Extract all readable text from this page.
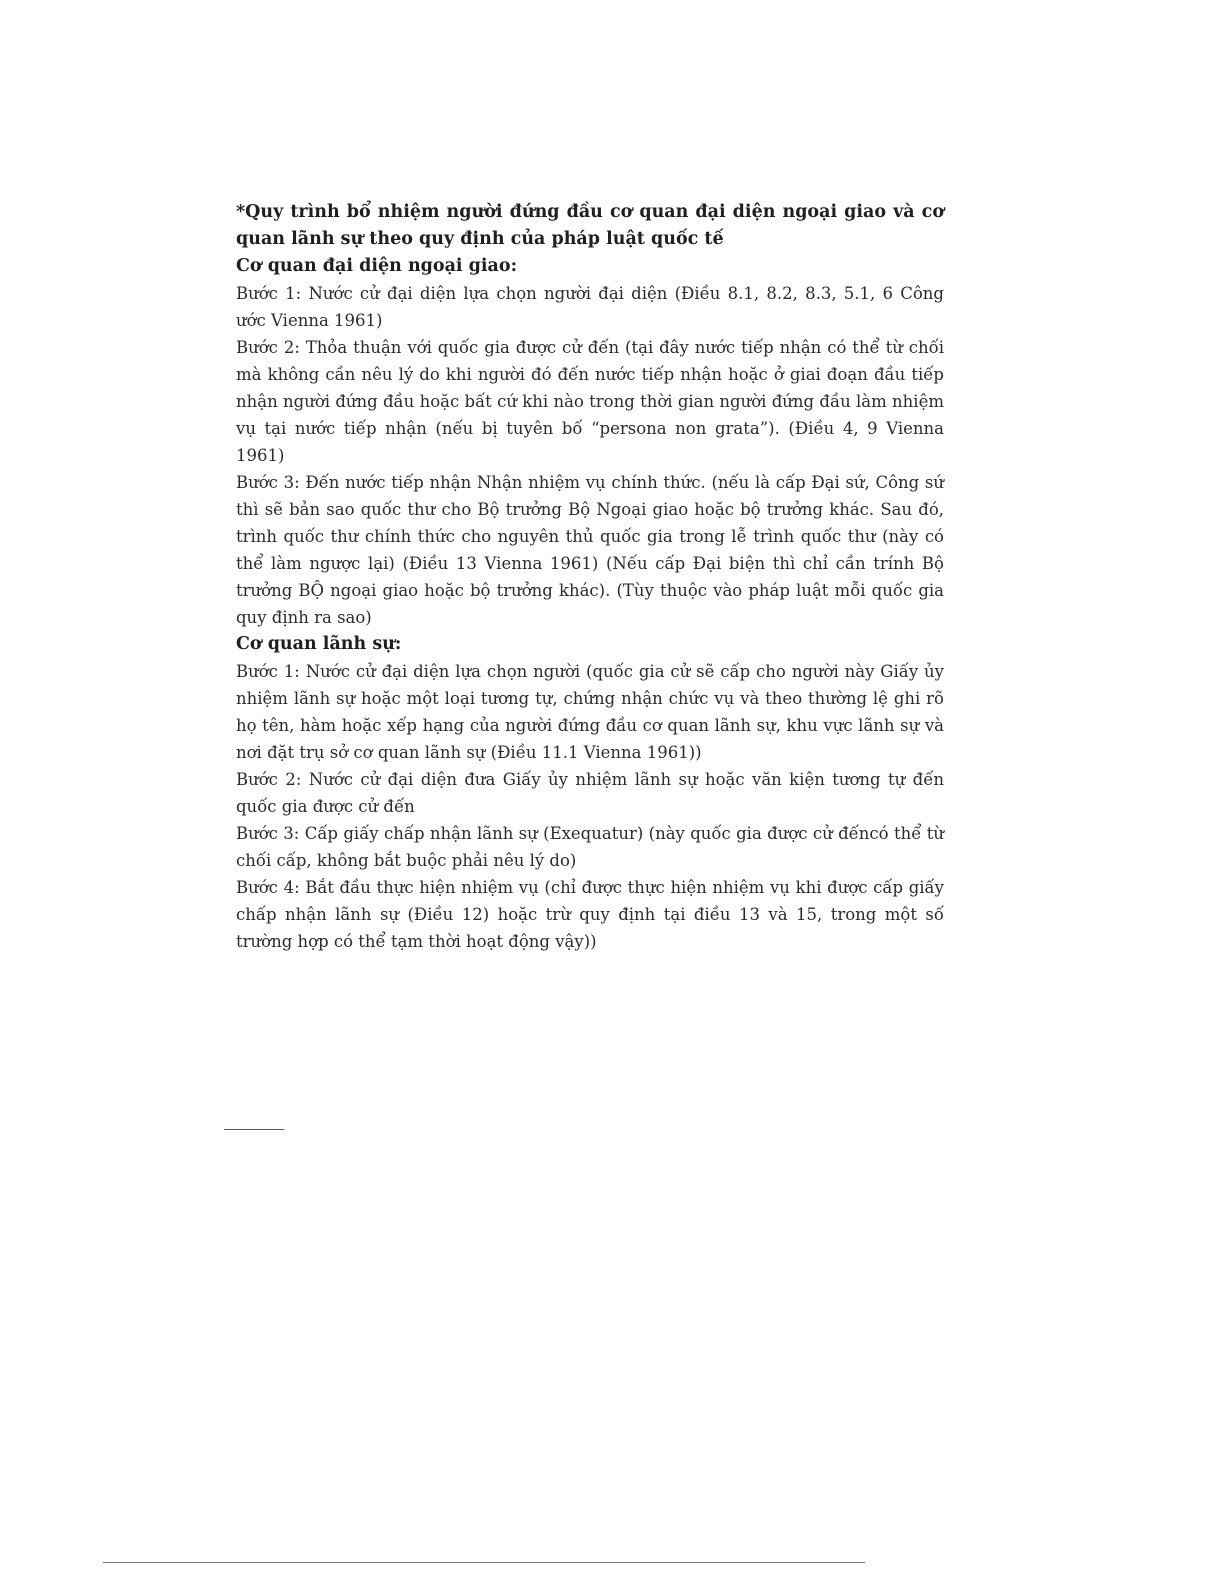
*Quy trình bổ nhiệm người đứng đầu cơ quan đại diện ngoại giao và cơ quan lãnh sự theo quy định của pháp luật quốc tế

Cơ quan đại diện ngoại giao:

Bước 1: Nước cử đại diện lựa chọn người đại diện (Điều 8.1, 8.2, 8.3, 5.1, 6 Công ước Vienna 1961)

Bước 2: Thỏa thuận với quốc gia được cử đến (tại đây nước tiếp nhận có thể từ chối mà không cần nêu lý do khi người đó đến nước tiếp nhận hoặc ở giai đoạn đầu tiếp nhận người đứng đầu hoặc bất cứ khi nào trong thời gian người đứng đầu làm nhiệm vụ tại nước tiếp nhận (nếu bị tuyên bố “persona non grata”). (Điều 4, 9 Vienna 1961)

Bước 3: Đến nước tiếp nhận Nhận nhiệm vụ chính thức. (nếu là cấp Đại sứ, Công sứ thì sẽ bản sao quốc thư cho Bộ trưởng Bộ Ngoại giao hoặc bộ trưởng khác. Sau đó, trình quốc thư chính thức cho nguyên thủ quốc gia trong lễ trình quốc thư (này có thể làm ngược lại) (Điều 13 Vienna 1961) (Nếu cấp Đại biện thì chỉ cần trính Bộ trưởng BỘ ngoại giao hoặc bộ trưởng khác). (Tùy thuộc vào pháp luật mỗi quốc gia quy định ra sao)

Cơ quan lãnh sự:

Bước 1: Nước cử đại diện lựa chọn người (quốc gia cử sẽ cấp cho người này Giấy ủy nhiệm lãnh sự hoặc một loại tương tự, chứng nhận chức vụ và theo thường lệ ghi rõ họ tên, hàm hoặc xếp hạng của người đứng đầu cơ quan lãnh sự, khu vực lãnh sự và nơi đặt trụ sở cơ quan lãnh sự (Điều 11.1 Vienna 1961))

Bước 2: Nước cử đại diện đưa Giấy ủy nhiệm lãnh sự hoặc văn kiện tương tự đến quốc gia được cử đến

Bước 3: Cấp giấy chấp nhận lãnh sự (Exequatur) (này quốc gia được cử đếncó thể từ chối cấp, không bắt buộc phải nêu lý do)

Bước 4: Bắt đầu thực hiện nhiệm vụ (chỉ được thực hiện nhiệm vụ khi được cấp giấy chấp nhận lãnh sự (Điều 12) hoặc trừ quy định tại điều 13 và 15, trong một số trường hợp có thể tạm thời hoạt động vậy))
